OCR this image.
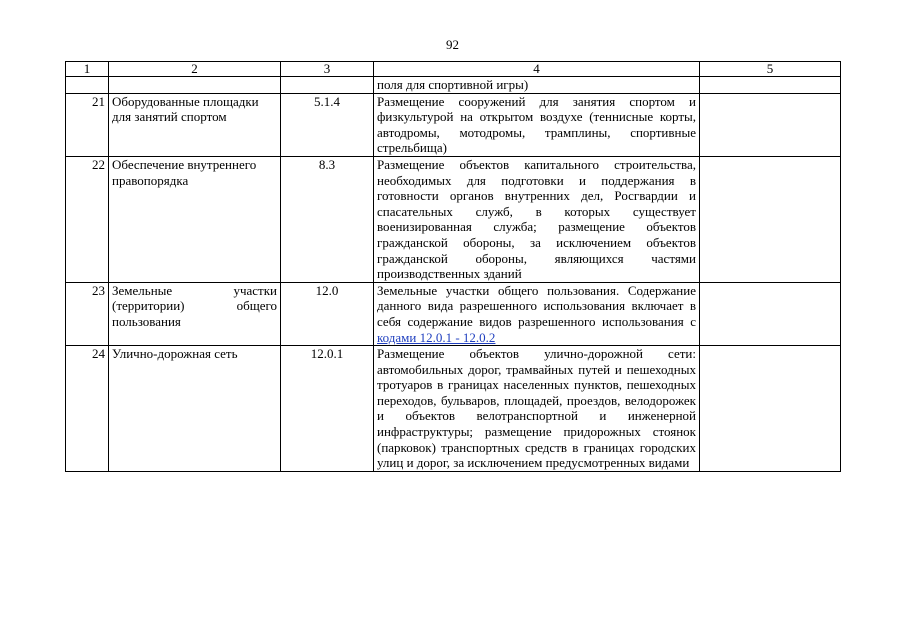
92
1	2	3	4	5
			поля для спортивной игры)	
21	Оборудованные площадки для занятий спортом	5.1.4	Размещение сооружений для занятия спортом и физкультурой на открытом воздухе (теннисные корты, автодромы, мотодромы, трамплины, спортивные стрельбища)	
22	Обеспечение внутреннего правопорядка	8.3	Размещение объектов капитального строительства, необходимых для подготовки и поддержания в готовности органов внутренних дел, Росгвардии и спасательных служб, в которых существует военизированная служба; размещение объектов гражданской обороны, за исключением объектов гражданской обороны, являющихся частями производственных зданий	
23	Земельные участки (территории) общего пользования	12.0	Земельные участки общего пользования. Содержание данного вида разрешенного использования включает в себя содержание видов разрешенного использования с кодами 12.0.1 - 12.0.2	
24	Улично-дорожная сеть	12.0.1	Размещение объектов улично-дорожной сети: автомобильных дорог, трамвайных путей и пешеходных тротуаров в границах населенных пунктов, пешеходных переходов, бульваров, площадей, проездов, велодорожек и объектов велотранспортной и инженерной инфраструктуры; размещение придорожных стоянок (парковок) транспортных средств в границах городских улиц и дорог, за исключением предусмотренных видами	
